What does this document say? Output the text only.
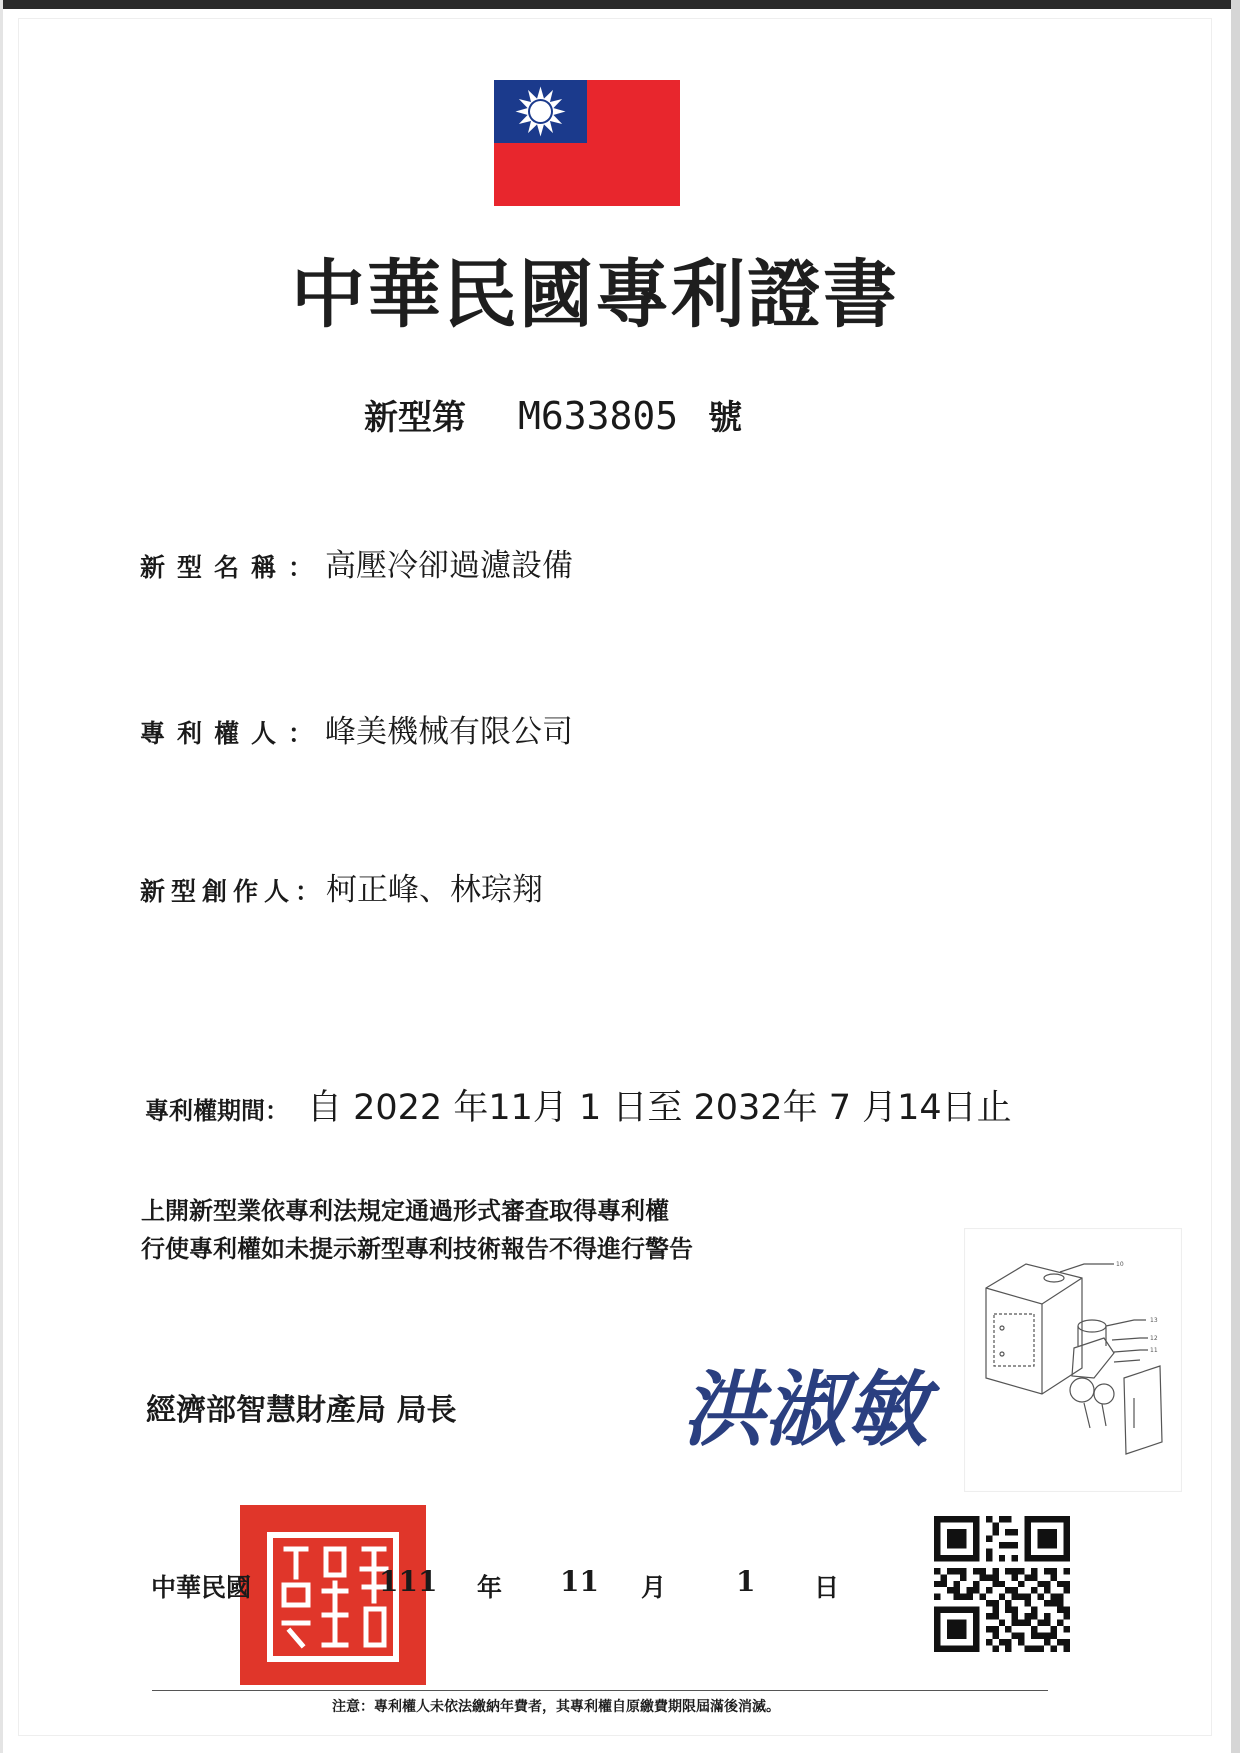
中華民國專利證書
新型第 M633805 號
新型名稱：高壓冷卻過濾設備
專利權人：峰美機械有限公司
新型創作人：柯正峰、林琮翔
專利權期間： 自 2022 年11月 1 日至 2032年 7 月14日止
上開新型業依專利法規定通過形式審查取得專利權
行使專利權如未提示新型專利技術報告不得進行警告
13
12
11
10
經濟部智慧財產局 局長	洪淑敏
中華民國	111 年 11 月 1 日
注意：專利權人未依法繳納年費者，其專利權自原繳費期限屆滿後消滅。
